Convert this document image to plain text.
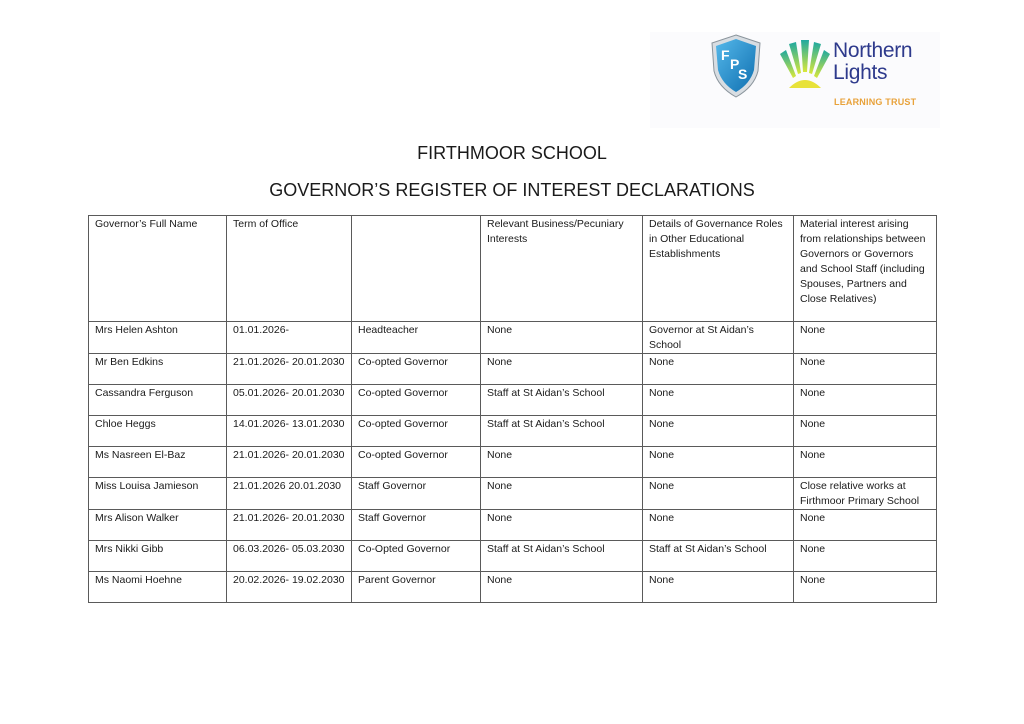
F
P
S
Northern
Lights
LEARNING TRUST
FIRTHMOOR SCHOOL
GOVERNOR’S REGISTER OF INTEREST DECLARATIONS
Governor’s Full Name	Term of Office		Relevant Business/Pecuniary Interests	Details of Governance Roles in Other Educational Establishments	Material interest arising from relationships between Governors or Governors and School Staff (including Spouses, Partners and Close Relatives)
Mrs Helen Ashton	01.01.2026-	Headteacher	None	Governor at St Aidan’s School	None
Mr Ben Edkins	21.01.2026- 20.01.2030	Co-opted Governor	None	None	None
Cassandra Ferguson	05.01.2026- 20.01.2030	Co-opted Governor	Staff at St Aidan’s School	None	None
Chloe Heggs	14.01.2026- 13.01.2030	Co-opted Governor	Staff at St Aidan’s School	None	None
Ms Nasreen El-Baz	21.01.2026- 20.01.2030	Co-opted Governor	None	None	None
Miss Louisa Jamieson	21.01.2026 20.01.2030	Staff Governor	None	None	Close relative works at Firthmoor Primary School
Mrs Alison Walker	21.01.2026- 20.01.2030	Staff Governor	None	None	None
Mrs Nikki Gibb	06.03.2026- 05.03.2030	Co-Opted Governor	Staff at St Aidan’s School	Staff at St Aidan’s School	None
Ms Naomi Hoehne	20.02.2026- 19.02.2030	Parent Governor	None	None	None
